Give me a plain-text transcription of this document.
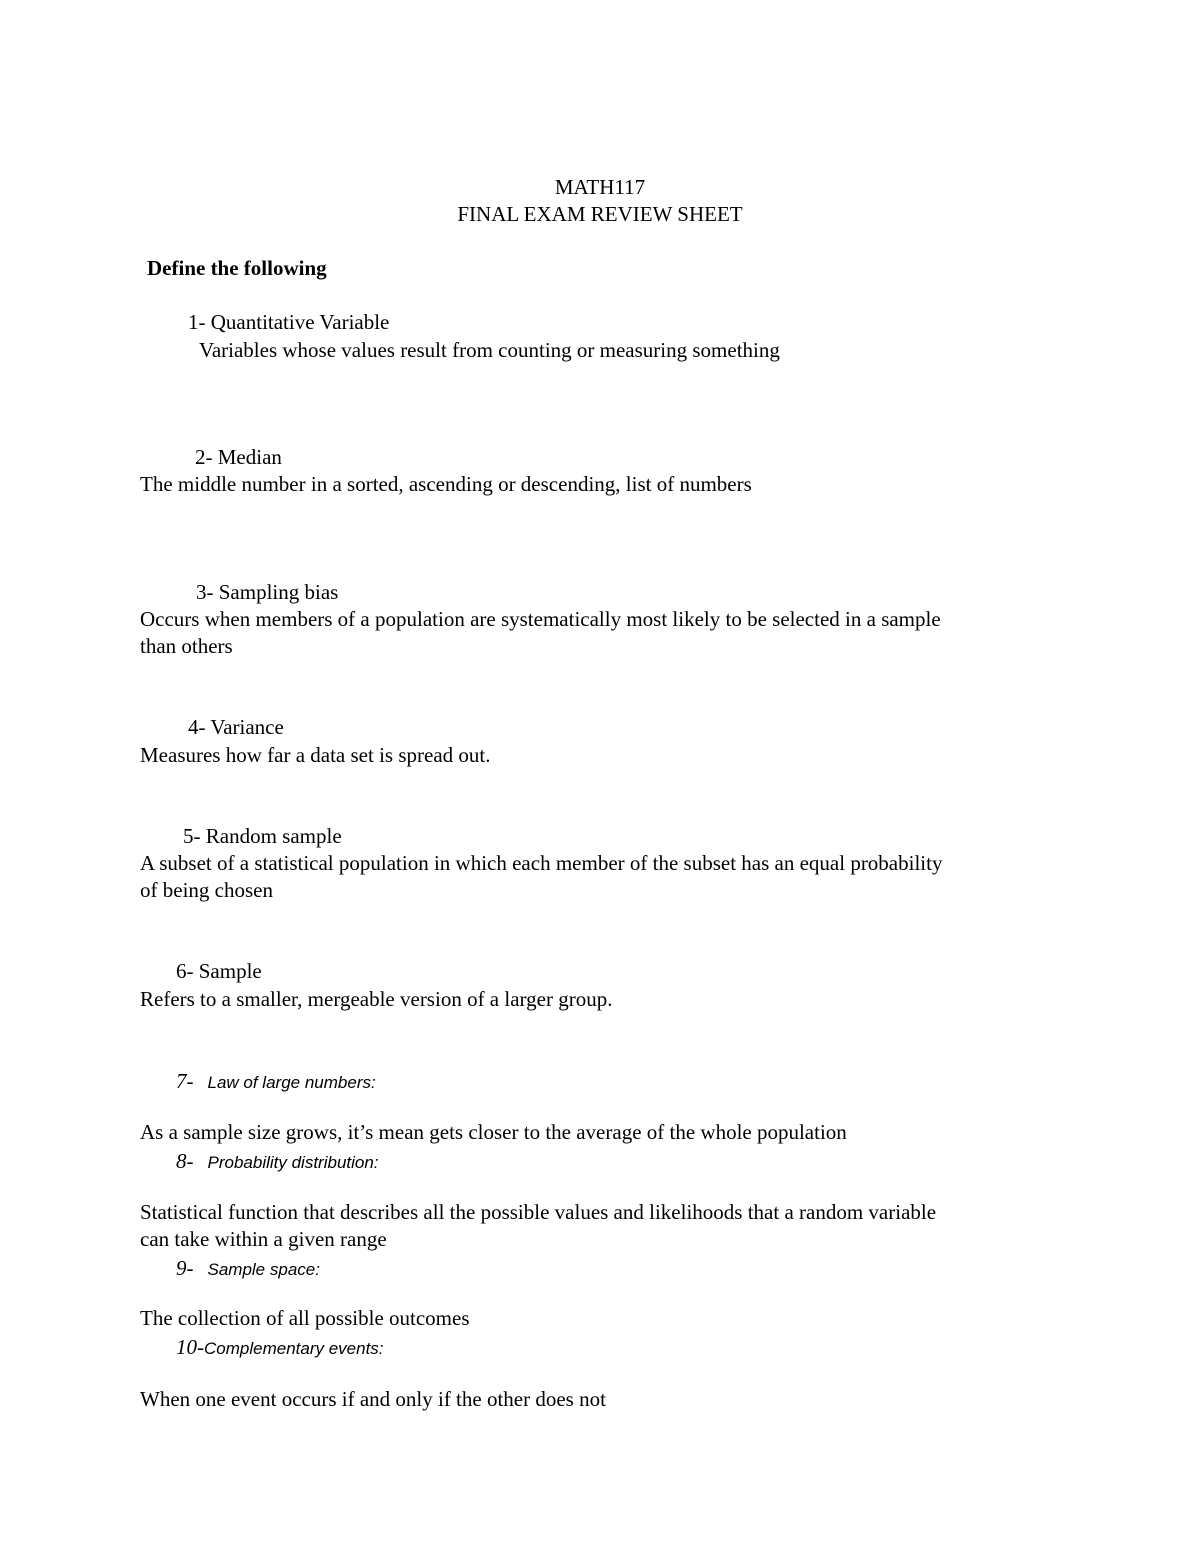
MATH117
FINAL EXAM REVIEW SHEET
Define the following
1- Quantitative Variable
Variables whose values result from counting or measuring something
2- Median
The middle number in a sorted, ascending or descending, list of numbers
3- Sampling bias
Occurs when members of a population are systematically most likely to be selected in a sample
than others
4- Variance
Measures how far a data set is spread out.
5- Random sample
A subset of a statistical population in which each member of the subset has an equal probability
of being chosen
6- Sample
Refers to a smaller, mergeable version of a larger group.
7- Law of large numbers:
As a sample size grows, it’s mean gets closer to the average of the whole population
8- Probability distribution:
Statistical function that describes all the possible values and likelihoods that a random variable
can take within a given range
9- Sample space:
The collection of all possible outcomes
10-Complementary events:
When one event occurs if and only if the other does not
